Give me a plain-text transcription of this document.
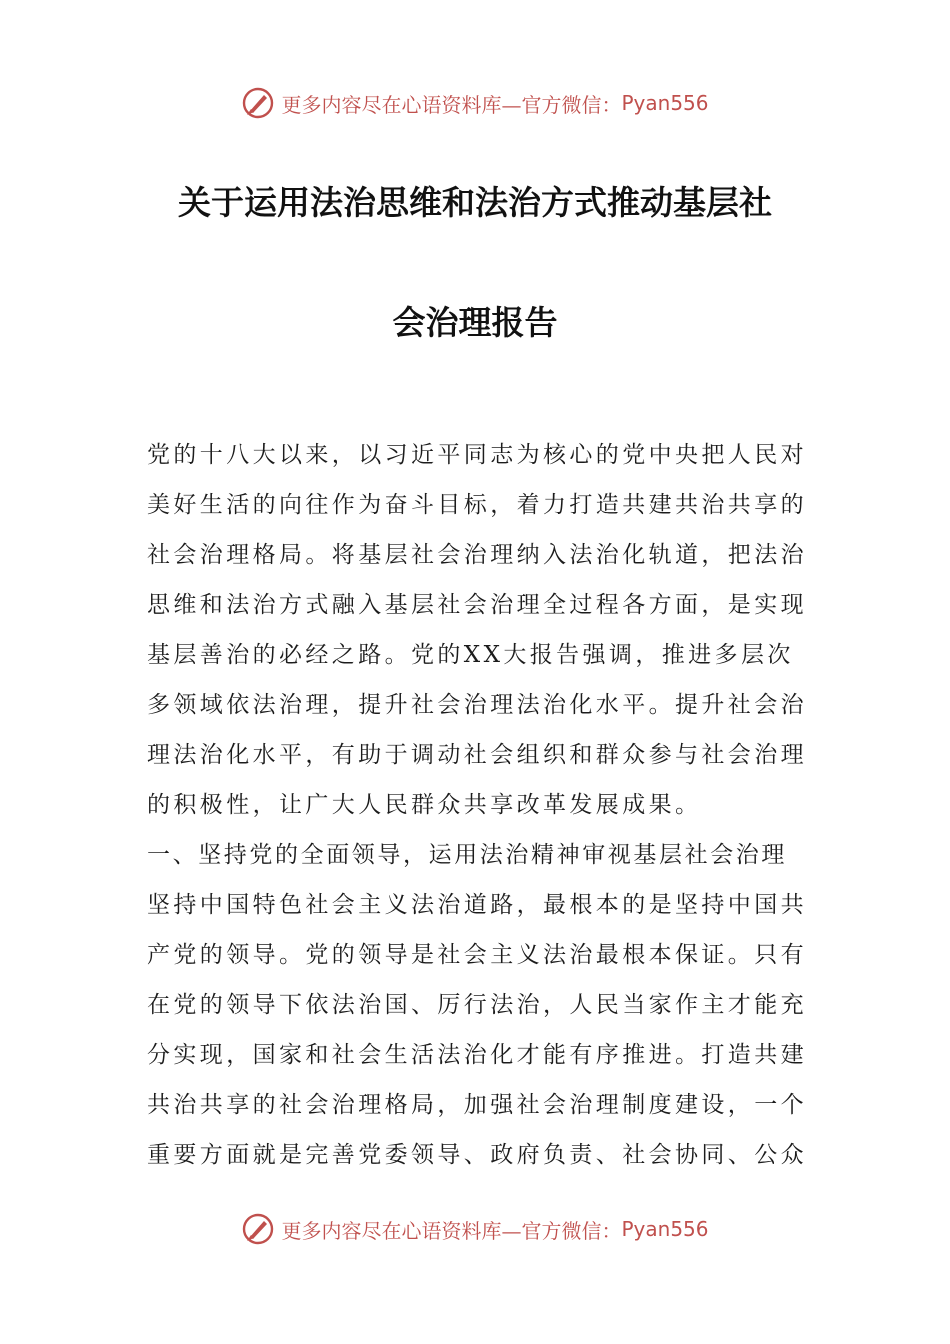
更多内容尽在心语资料库—官方微信： Pyan556
关于运用法治思维和法治方式推动基层社
会治理报告

党的十八大以来，以习近平同志为核心的党中央把人民对美好生活的向往作为奋斗目标，着力打造共建共治共享的社会治理格局。将基层社会治理纳入法治化轨道，把法治思维和法治方式融入基层社会治理全过程各方面，是实现基层善治的必经之路。党的XX大报告强调，推进多层次多领域依法治理，提升社会治理法治化水平。提升社会治理法治化水平，有助于调动社会组织和群众参与社会治理的积极性，让广大人民群众共享改革发展成果。

一、坚持党的全面领导，运用法治精神审视基层社会治理

坚持中国特色社会主义法治道路，最根本的是坚持中国共产党的领导。党的领导是社会主义法治最根本保证。只有在党的领导下依法治国、厉行法治，人民当家作主才能充分实现，国家和社会生活法治化才能有序推进。打造共建共治共享的社会治理格局，加强社会治理制度建设，一个重要方面就是完善党委领导、政府负责、社会协同、公众

更多内容尽在心语资料库—官方微信： Pyan556
